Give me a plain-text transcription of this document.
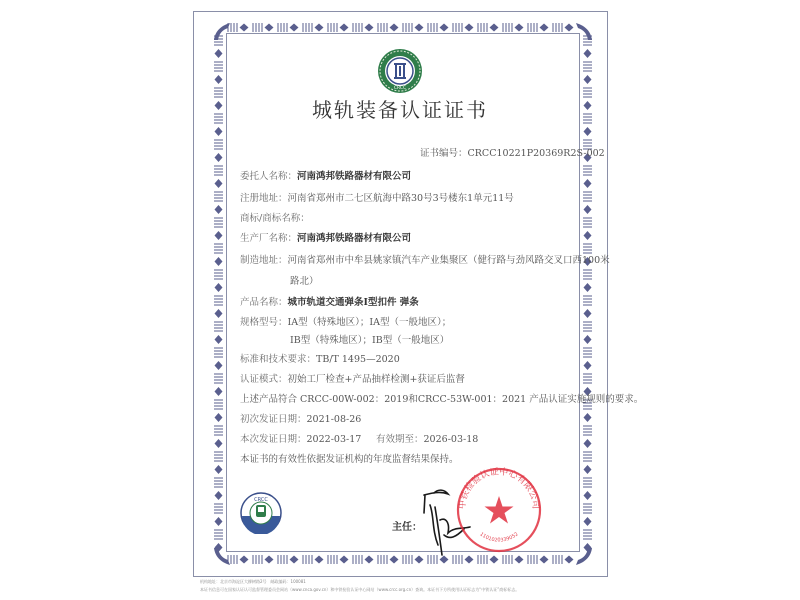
CRCC
城轨装备认证证书
证书编号：CRCC10221P20369R2S-002
委托人名称：河南鸿邦铁路器材有限公司
注册地址：河南省郑州市二七区航海中路30号3号楼东1单元11号
商标/商标名称：
生产厂名称：河南鸿邦铁路器材有限公司
制造地址：河南省郑州市中牟县姚家镇汽车产业集聚区（健行路与劲风路交叉口西100米
路北）
产品名称：城市轨道交通弹条Ⅰ型扣件 弹条
规格型号：ⅠA型（特殊地区）；ⅠA型（一般地区）；
ⅠB型（特殊地区）；ⅠB型（一般地区）
标准和技术要求：TB/T 1495—2020
认证模式：初始工厂检查+产品抽样检测+获证后监督
上述产品符合 CRCC-00W-002：2019和CRCC-53W-001：2021 产品认证实施规则的要求。
初次发证日期：2021-08-26
本次发证日期：2022-03-17 有效期至：2026-03-18
本证书的有效性依据发证机构的年度监督结果保持。
CRCC
主任：
中铁检验认证中心有限公司
1101020339052
机构地址：北京市海淀区大柳树路2号　邮政编码：100081
本证书信息可在国家认证认可监督管理委员会网站（www.cnca.gov.cn）和中铁检验认证中心网站（www.crcc.org.cn）查询。本证书下方所使用认证标志为“中铁认证”商标标志。
